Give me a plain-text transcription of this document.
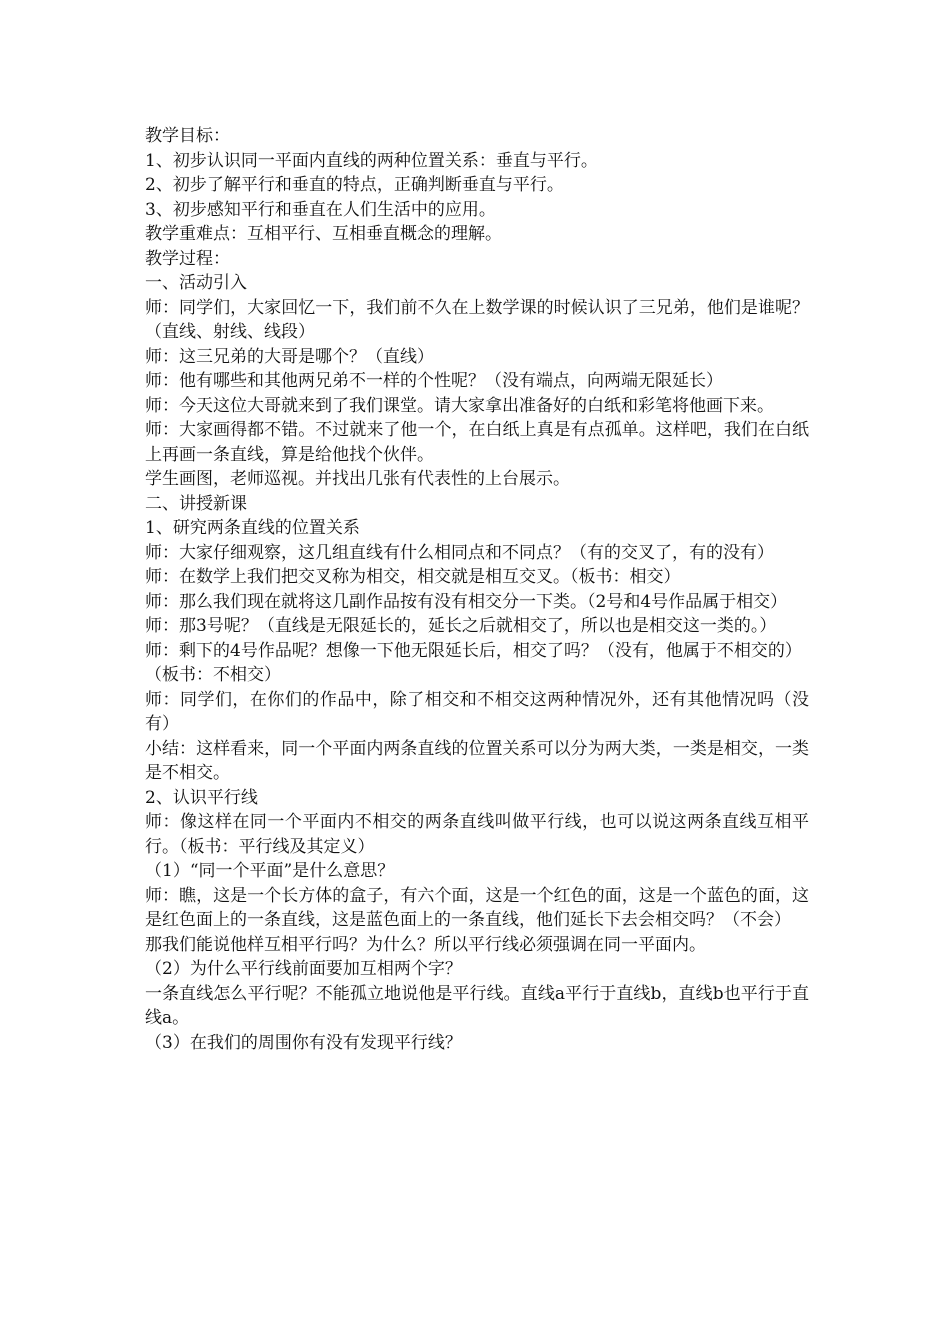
教学目标：

1、初步认识同一平面内直线的两种位置关系：垂直与平行。

2、初步了解平行和垂直的特点，正确判断垂直与平行。

3、初步感知平行和垂直在人们生活中的应用。

教学重难点：互相平行、互相垂直概念的理解。

教学过程：

一、活动引入

师：同学们，大家回忆一下，我们前不久在上数学课的时候认识了三兄弟，他们是谁呢？（直线、射线、线段）

师：这三兄弟的大哥是哪个？（直线）

师：他有哪些和其他两兄弟不一样的个性呢？（没有端点，向两端无限延长）

师：今天这位大哥就来到了我们课堂。请大家拿出准备好的白纸和彩笔将他画下来。

师：大家画得都不错。不过就来了他一个，在白纸上真是有点孤单。这样吧，我们在白纸上再画一条直线，算是给他找个伙伴。

学生画图，老师巡视。并找出几张有代表性的上台展示。

二、讲授新课

1、研究两条直线的位置关系

师：大家仔细观察，这几组直线有什么相同点和不同点？（有的交叉了，有的没有）

师：在数学上我们把交叉称为相交，相交就是相互交叉。（板书：相交）

师：那么我们现在就将这几副作品按有没有相交分一下类。（2号和4号作品属于相交）

师：那3号呢？（直线是无限延长的，延长之后就相交了，所以也是相交这一类的。）

师：剩下的4号作品呢？想像一下他无限延长后，相交了吗？（没有，他属于不相交的）

（板书：不相交）

师：同学们，在你们的作品中，除了相交和不相交这两种情况外，还有其他情况吗（没有）

小结：这样看来，同一个平面内两条直线的位置关系可以分为两大类，一类是相交，一类是不相交。

2、认识平行线

师：像这样在同一个平面内不相交的两条直线叫做平行线，也可以说这两条直线互相平行。（板书：平行线及其定义）

（1）“同一个平面”是什么意思？

师：瞧，这是一个长方体的盒子，有六个面，这是一个红色的面，这是一个蓝色的面，这是红色面上的一条直线，这是蓝色面上的一条直线，他们延长下去会相交吗？（不会）

那我们能说他样互相平行吗？为什么？所以平行线必须强调在同一平面内。

（2）为什么平行线前面要加互相两个字？

一条直线怎么平行呢？不能孤立地说他是平行线。直线a平行于直线b，直线b也平行于直线a。

（3）在我们的周围你有没有发现平行线？
